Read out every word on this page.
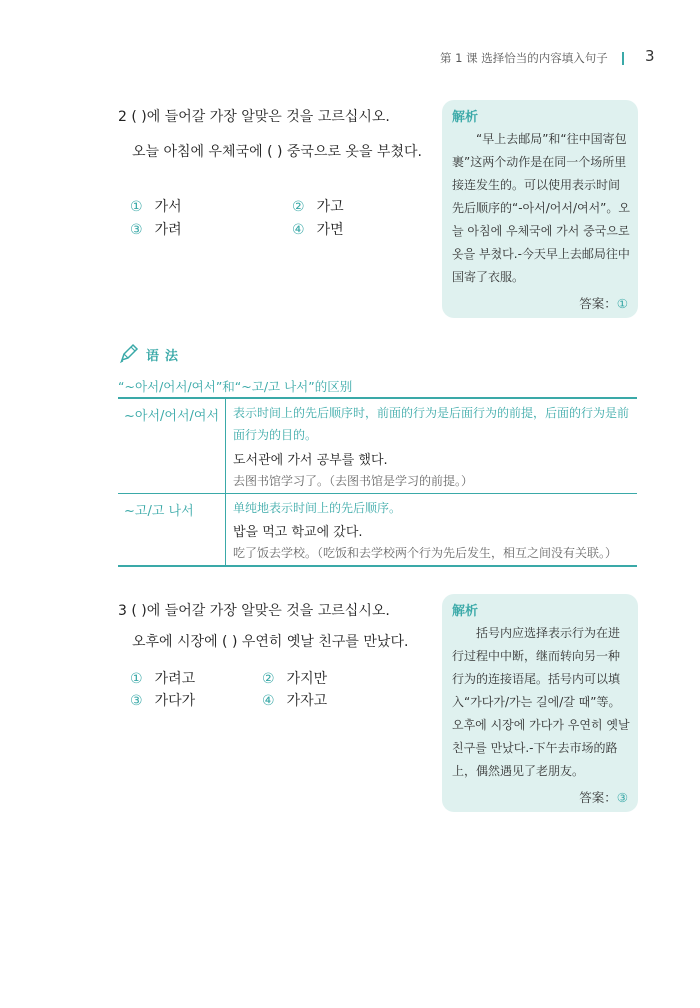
第 1 课 选择恰当的内容填入句子 3
2 ( )에 들어갈 가장 알맞은 것을 고르십시오.
오늘 아침에 우체국에 ( ) 중국으로 옷을 부쳤다.
① 가서	② 가고
③ 가려	④ 가면
解析
“早上去邮局”和“往中国寄包裹”这两个动作是在同一个场所里接连发生的。可以使用表示时间先后顺序的“-아서/어서/여서”。오늘 아침에 우체국에 가서 중국으로 옷을 부쳤다.-今天早上去邮局往中国寄了衣服。
答案：①
语法
“~아서/어서/여서”和“~고/고 나서”的区别
~아서/어서/여서 表示时间上的先后顺序时，前面的行为是后面行为的前提，后面的行为是前面行为的目的。
도서관에 가서 공부를 했다.
去图书馆学习了。（去图书馆是学习的前提。）
~고/고 나서	单纯地表示时间上的先后顺序。
밥을 먹고 학교에 갔다.
吃了饭去学校。（吃饭和去学校两个行为先后发生，相互之间没有关联。）
3 ( )에 들어갈 가장 알맞은 것을 고르십시오.
오후에 시장에 ( ) 우연히 옛날 친구를 만났다.
① 가려고	② 가지만
③ 가다가	④ 가자고
解析
括号内应选择表示行为在进行过程中中断，继而转向另一种行为的连接语尾。括号内可以填入“가다가/가는 길에/갈 때”等。오후에 시장에 가다가 우연히 옛날 친구를 만났다.-下午去市场的路上，偶然遇见了老朋友。
答案：③
